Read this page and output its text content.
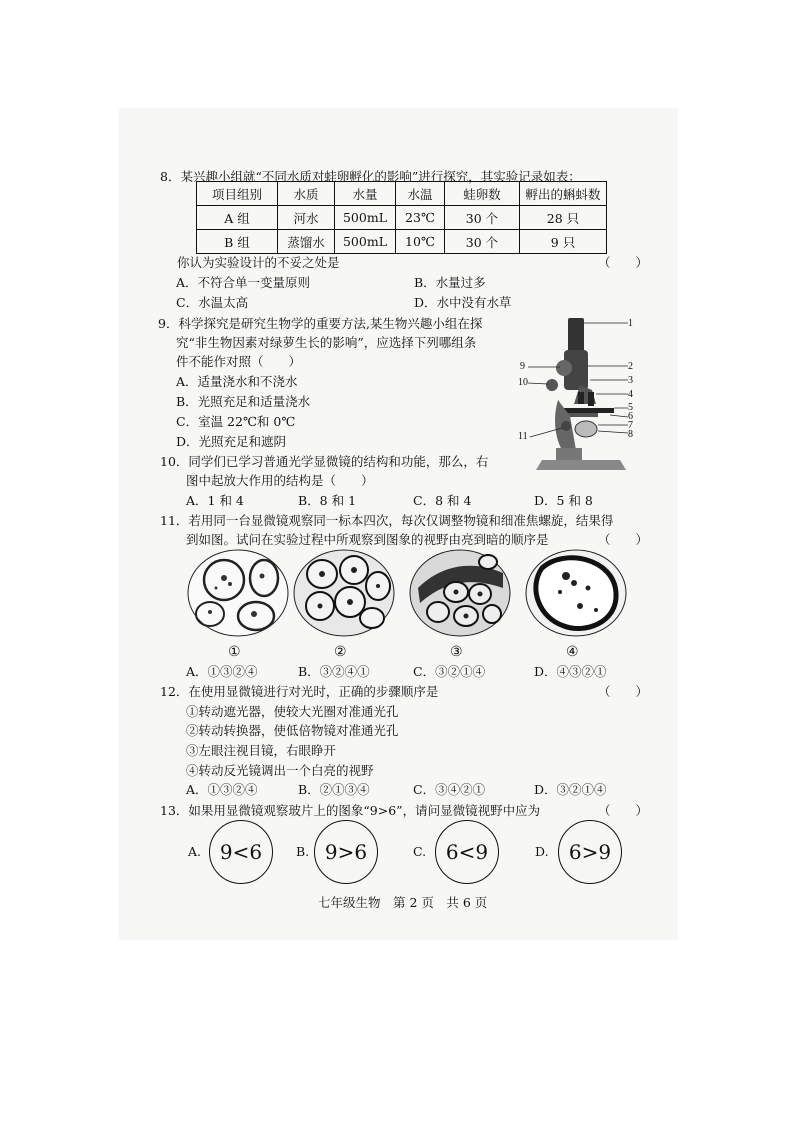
8．某兴趣小组就“不同水质对蛙卵孵化的影响”进行探究，其实验记录如表：
项目组别	水质	水量	水温	蛙卵数	孵出的蝌蚪数
A 组	河水	500mL	23℃	30 个	28 只
B 组	蒸馏水	500mL	10℃	30 个	9 只
你认为实验设计的不妥之处是	（　　）
A．不符合单一变量原则	B．水量过多
C．水温太高	D．水中没有水草
9．科学探究是研究生物学的重要方法,某生物兴趣小组在探
究“非生物因素对绿萝生长的影响”，应选择下列哪组条
件不能作对照（　　）
A．适量浇水和不浇水
B．光照充足和适量浇水
C．室温 22℃和 0℃
D．光照充足和遮阴
1
2
3
4
5
6
7
8
9
10
11
10．同学们已学习普通光学显微镜的结构和功能，那么，右
图中起放大作用的结构是（　　）
A．1 和 4	B．8 和 1	C．8 和 4	D．5 和 8
11．若用同一台显微镜观察同一标本四次，每次仅调整物镜和细准焦螺旋，结果得
到如图。试问在实验过程中所观察到图象的视野由亮到暗的顺序是	（　　）
①	②	③	④
A．①③②④	B．③②④①	C．③②①④	D．④③②①
12．在使用显微镜进行对光时，正确的步骤顺序是	（　　）
①转动遮光器，使较大光圈对准通光孔
②转动转换器，使低倍物镜对准通光孔
③左眼注视目镜，右眼睁开
④转动反光镜调出一个白亮的视野
A．①③②④	B．②①③④	C．③④②①	D．③②①④
13．如果用显微镜观察玻片上的图象“9>6”，请问显微镜视野中应为	（　　）
A. 9<6	B. 9>6	C. 6<9	D. 6>9
七年级生物　第 2 页　共 6 页
